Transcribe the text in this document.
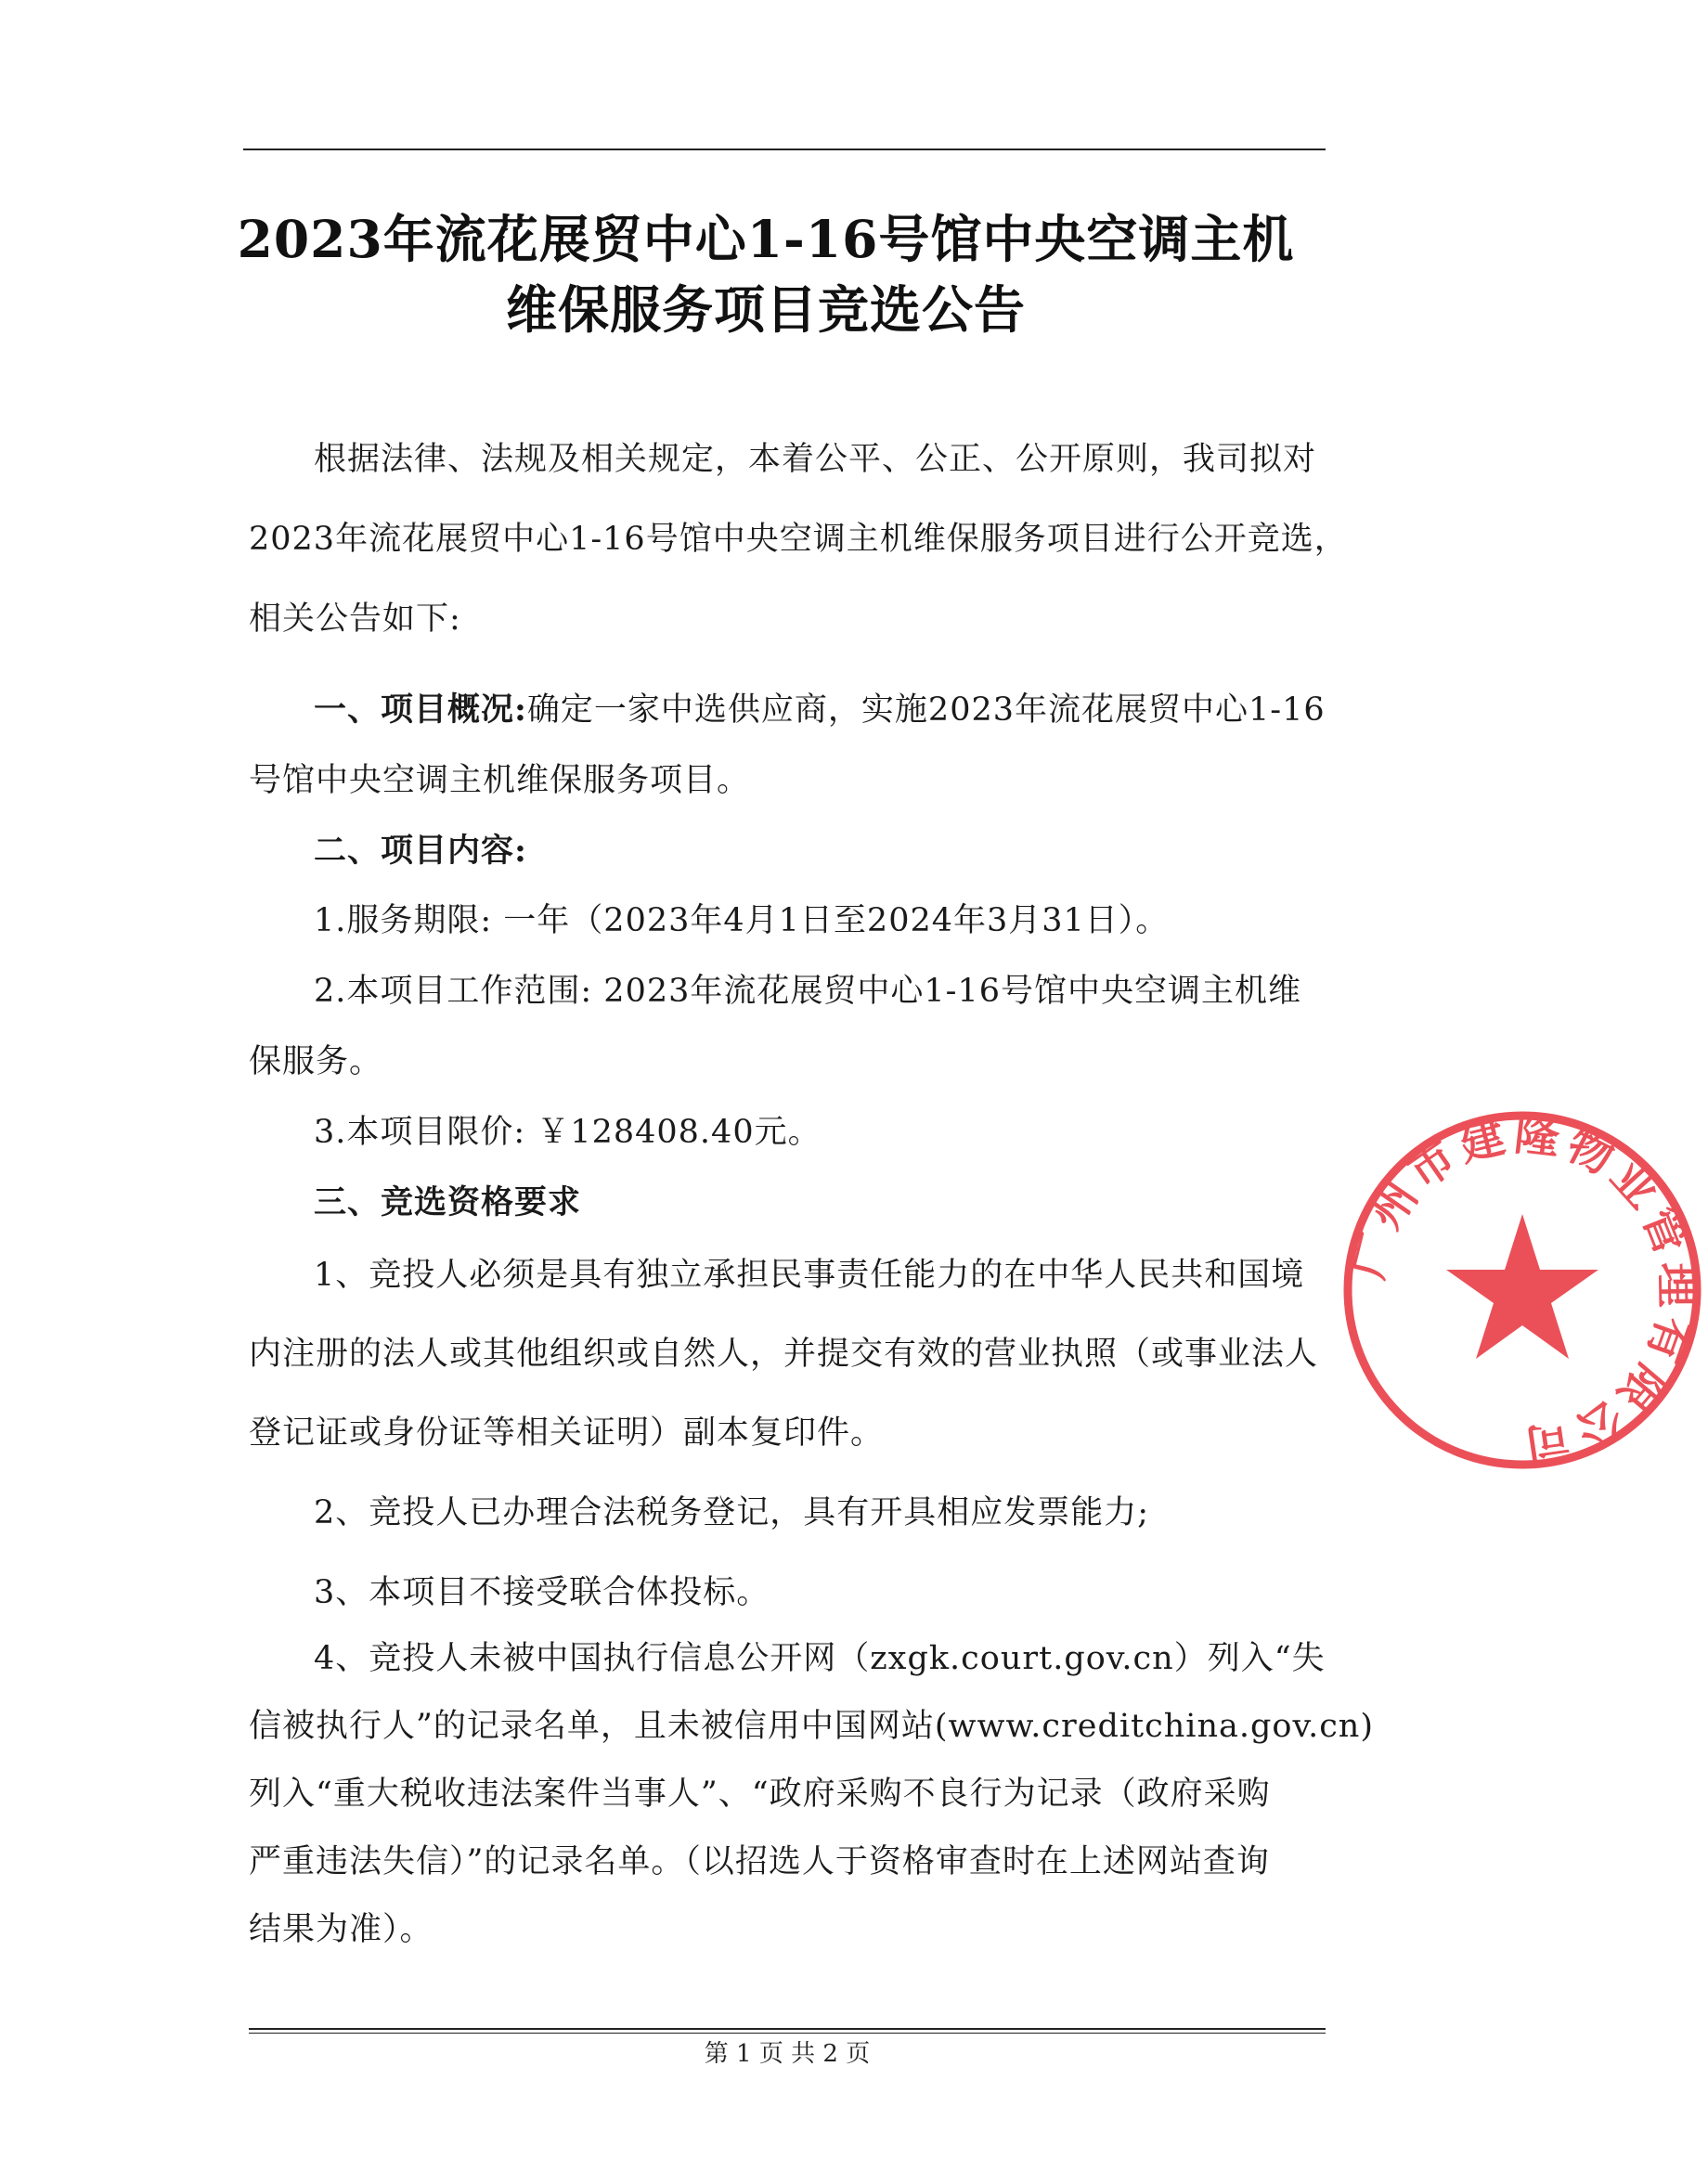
2023年流花展贸中心1-16号馆中央空调主机
维保服务项目竞选公告
根据法律、法规及相关规定，本着公平、公正、公开原则，我司拟对
2023年流花展贸中心1-16号馆中央空调主机维保服务项目进行公开竞选，
相关公告如下:
一、项目概况:确定一家中选供应商，实施2023年流花展贸中心1-16
号馆中央空调主机维保服务项目。
二、项目内容:
1.服务期限: 一年（2023年4月1日至2024年3月31日）。
2.本项目工作范围: 2023年流花展贸中心1-16号馆中央空调主机维
保服务。
3.本项目限价: ￥128408.40元。
三、竞选资格要求
1、竞投人必须是具有独立承担民事责任能力的在中华人民共和国境
内注册的法人或其他组织或自然人，并提交有效的营业执照（或事业法人
登记证或身份证等相关证明）副本复印件。
2、竞投人已办理合法税务登记，具有开具相应发票能力;
3、本项目不接受联合体投标。
4、竞投人未被中国执行信息公开网（zxgk.court.gov.cn）列入“失
信被执行人”的记录名单，且未被信用中国网站(www.creditchina.gov.cn)
列入“重大税收违法案件当事人”、“政府采购不良行为记录（政府采购
严重违法失信）”的记录名单。（以招选人于资格审查时在上述网站查询
结果为准）。
第 1 页 共 2 页
广州市建隆物业管理有限公司
